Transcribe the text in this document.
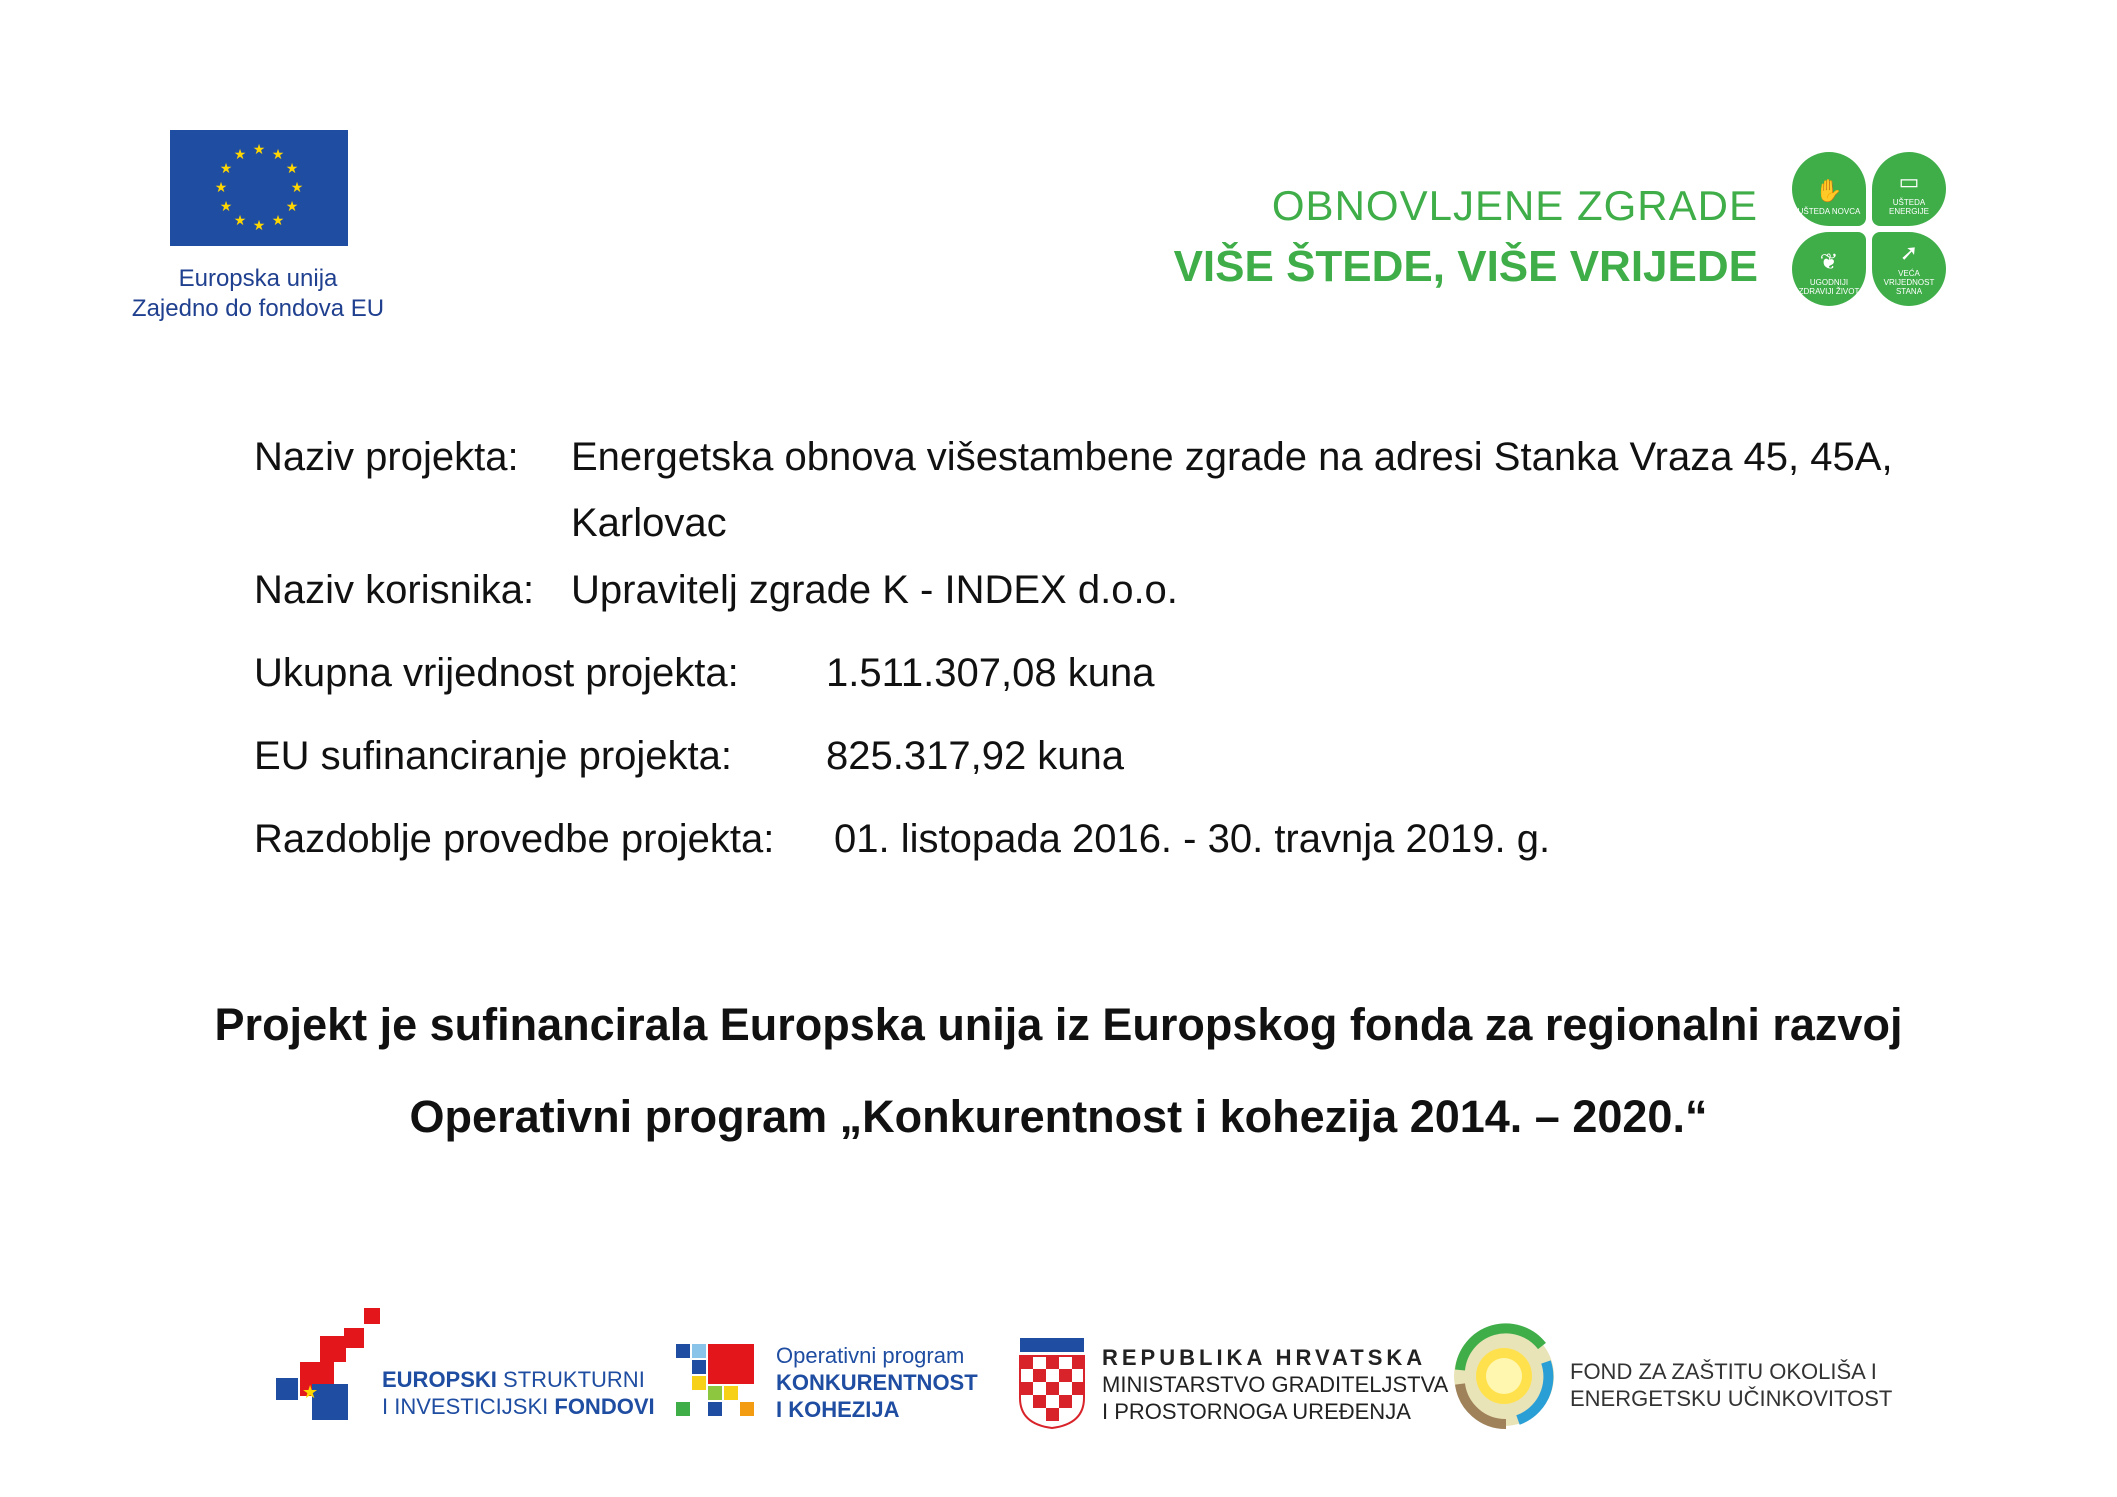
★ ★
★
★
★
★
★
★
★
★
★
★
Europska unija
Zajedno do fondova EU
OBNOVLJENE ZGRADE
VIŠE ŠTEDE, VIŠE VRIJEDE
✋
UŠTEDA NOVCA
▭
UŠTEDA ENERGIJE
❦
UGODNIJI ZDRAVIJI ŽIVOT
➚
VEĆA VRIJEDNOST STANA
Naziv projekta: Energetska obnova višestambene zgrade na adresi Stanka Vraza 45, 45A, Karlovac
Naziv korisnika: Upravitelj zgrade K - INDEX d.o.o.
Ukupna vrijednost projekta: 1.511.307,08 kuna
EU sufinanciranje projekta: 825.317,92 kuna
Razdoblje provedbe projekta: 01. listopada 2016. - 30. travnja 2019. g.
Projekt je sufinancirala Europska unija iz Europskog fonda za regionalni razvoj
Operativni program „Konkurentnost i kohezija 2014. – 2020.“
★
EUROPSKI STRUKTURNI
I INVESTICIJSKI FONDOVI
Operativni program
KONKURENTNOST
I KOHEZIJA
REPUBLIKA HRVATSKA
MINISTARSTVO GRADITELJSTVA
I PROSTORNOGA UREĐENJA
FOND ZA ZAŠTITU OKOLIŠA I
ENERGETSKU UČINKOVITOST
